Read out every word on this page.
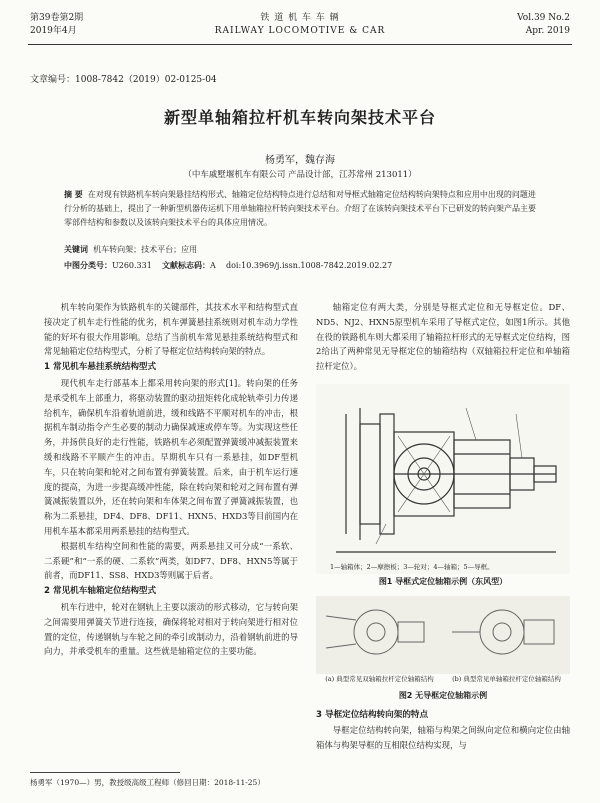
第39卷第2期
2019年4月
铁 道 机 车 车 辆
RAILWAY LOCOMOTIVE & CAR
Vol.39 No.2
Apr. 2019
文章编号：1008-7842（2019）02-0125-04
新型单轴箱拉杆机车转向架技术平台
杨勇军，魏存海
（中车戚墅堰机车有限公司 产品设计部，江苏常州 213011）
摘 要 在对现有铁路机车转向架悬挂结构形式、轴箱定位结构特点进行总结和对导框式轴箱定位结构转向架特点和应用中出现的问题进行分析的基础上，提出了一种新型机器传运机下用单轴箱拉杆转向架技术平台。介绍了在该转向架技术平台下已研发的转向架产品主要零部件结构和参数以及该转向架技术平台的具体应用情况。
关键词 机车转向架；技术平台；应用
中图分类号：U260.331 文献标志码：A doi:10.3969/j.issn.1008-7842.2019.02.27

机车转向架作为铁路机车的关键部件，其技术水平和结构型式直接决定了机车走行性能的优劣，机车弹簧悬挂系统则对机车动力学性能的好坏有很大作用影响。总结了当前机车常见悬挂系统结构型式和常见轴箱定位结构型式，分析了导框定位结构转向架的特点。

1 常见机车悬挂系统结构型式

现代机车走行部基本上都采用转向架的形式[1]。转向架的任务是承受机车上部重力，将驱动装置的驱动扭矩转化成轮轨牵引力传递给机车，确保机车沿着轨道前进，缓和线路不平顺对机车的冲击，根据机车制动指令产生必要的制动力确保减速或停车等。为实现这些任务，并扬供良好的走行性能，铁路机车必须配置弹簧缓冲减振装置来缓和线路不平顺产生的冲击。早期机车只有一系悬挂，如DF型机车，只在转向架和轮对之间布置有弹簧装置。后来，由于机车运行速度的提高，为进一步提高缓冲性能，除在转向架和轮对之间布置有弹簧减振装置以外，还在转向架和车体架之间布置了弹簧减振装置，也称为二系悬挂，DF4、DF8、DF11、HXN5、HXD3等目前国内在用机车基本都采用两系悬挂的结构型式。

根据机车结构空间和性能的需要，两系悬挂又可分成“一系软、二系硬”和“一系的硬、二系软”两类，如DF7、DF8、HXN5等属于前者，而DF11、SS8、HXD3等则属于后者。

2 常见机车轴箱定位结构型式

机车行进中，轮对在钢轨上主要以滚动的形式移动，它与转向架之间需要用弹簧关节进行连接，确保将轮对相对于转向架进行相对位置的定位，传递钢轨与车轮之间的牵引或制动力，沿着钢轨前进的导向力，并承受机车的重量。这些就是轴箱定位的主要功能。

轴箱定位有两大类，分别是导框式定位和无导框定位。DF、ND5、NJ2、HXN5原型机车采用了导框式定位，如图1所示。其他在役的铁路机车则大都采用了轴箱拉杆形式的无导框式定位结构，图2给出了两种常见无导框定位的轴箱结构（双轴箱拉杆定位和单轴箱拉杆定位）。

1—轴箱体；2—摩擦板；3—轮对；4—轴箱；5—导框。
图1 导框式定位轴箱示例（东风型）
(a) 典型常见双轴箱拉杆定位轴箱结构	(b) 典型常见单轴箱拉杆定位轴箱结构
图2 无导框定位轴箱示例
3 导框定位结构转向架的特点

导框定位结构转向架，轴箱与构架之间纵向定位和横向定位由轴箱体与构架导框的互相限位结构实现，与

杨勇军（1970—）男，教授级高级工程师（修回日期：2018-11-25）
